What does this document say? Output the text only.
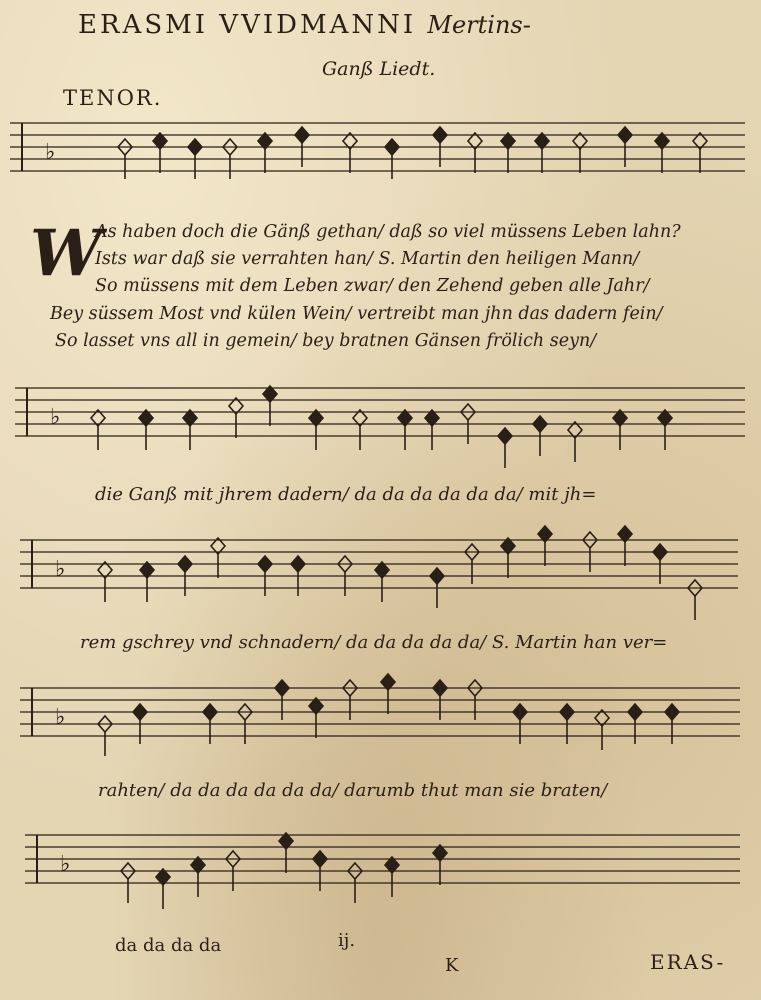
ERASMI VVIDMANNI Mertins-
Ganß Liedt.
TENOR.
♭
♭
♭
♭
♭
W
As haben doch die Gänß gethan/ daß so viel müssens Leben lahn?
Ists war daß sie verrahten han/ S. Martin den heiligen Mann/
So müssens mit dem Leben zwar/ den Zehend geben alle Jahr/
Bey süssem Most vnd külen Wein/ vertreibt man jhn das dadern fein/
So lasset vns all in gemein/ bey bratnen Gänsen frölich seyn/
die Ganß mit jhrem dadern/ da da da da da da/ mit jh=
rem gschrey vnd schnadern/ da da da da da/ S. Martin han ver=
rahten/ da da da da da da/ darumb thut man sie braten/
da da da da	ij.
K	ERAS-
